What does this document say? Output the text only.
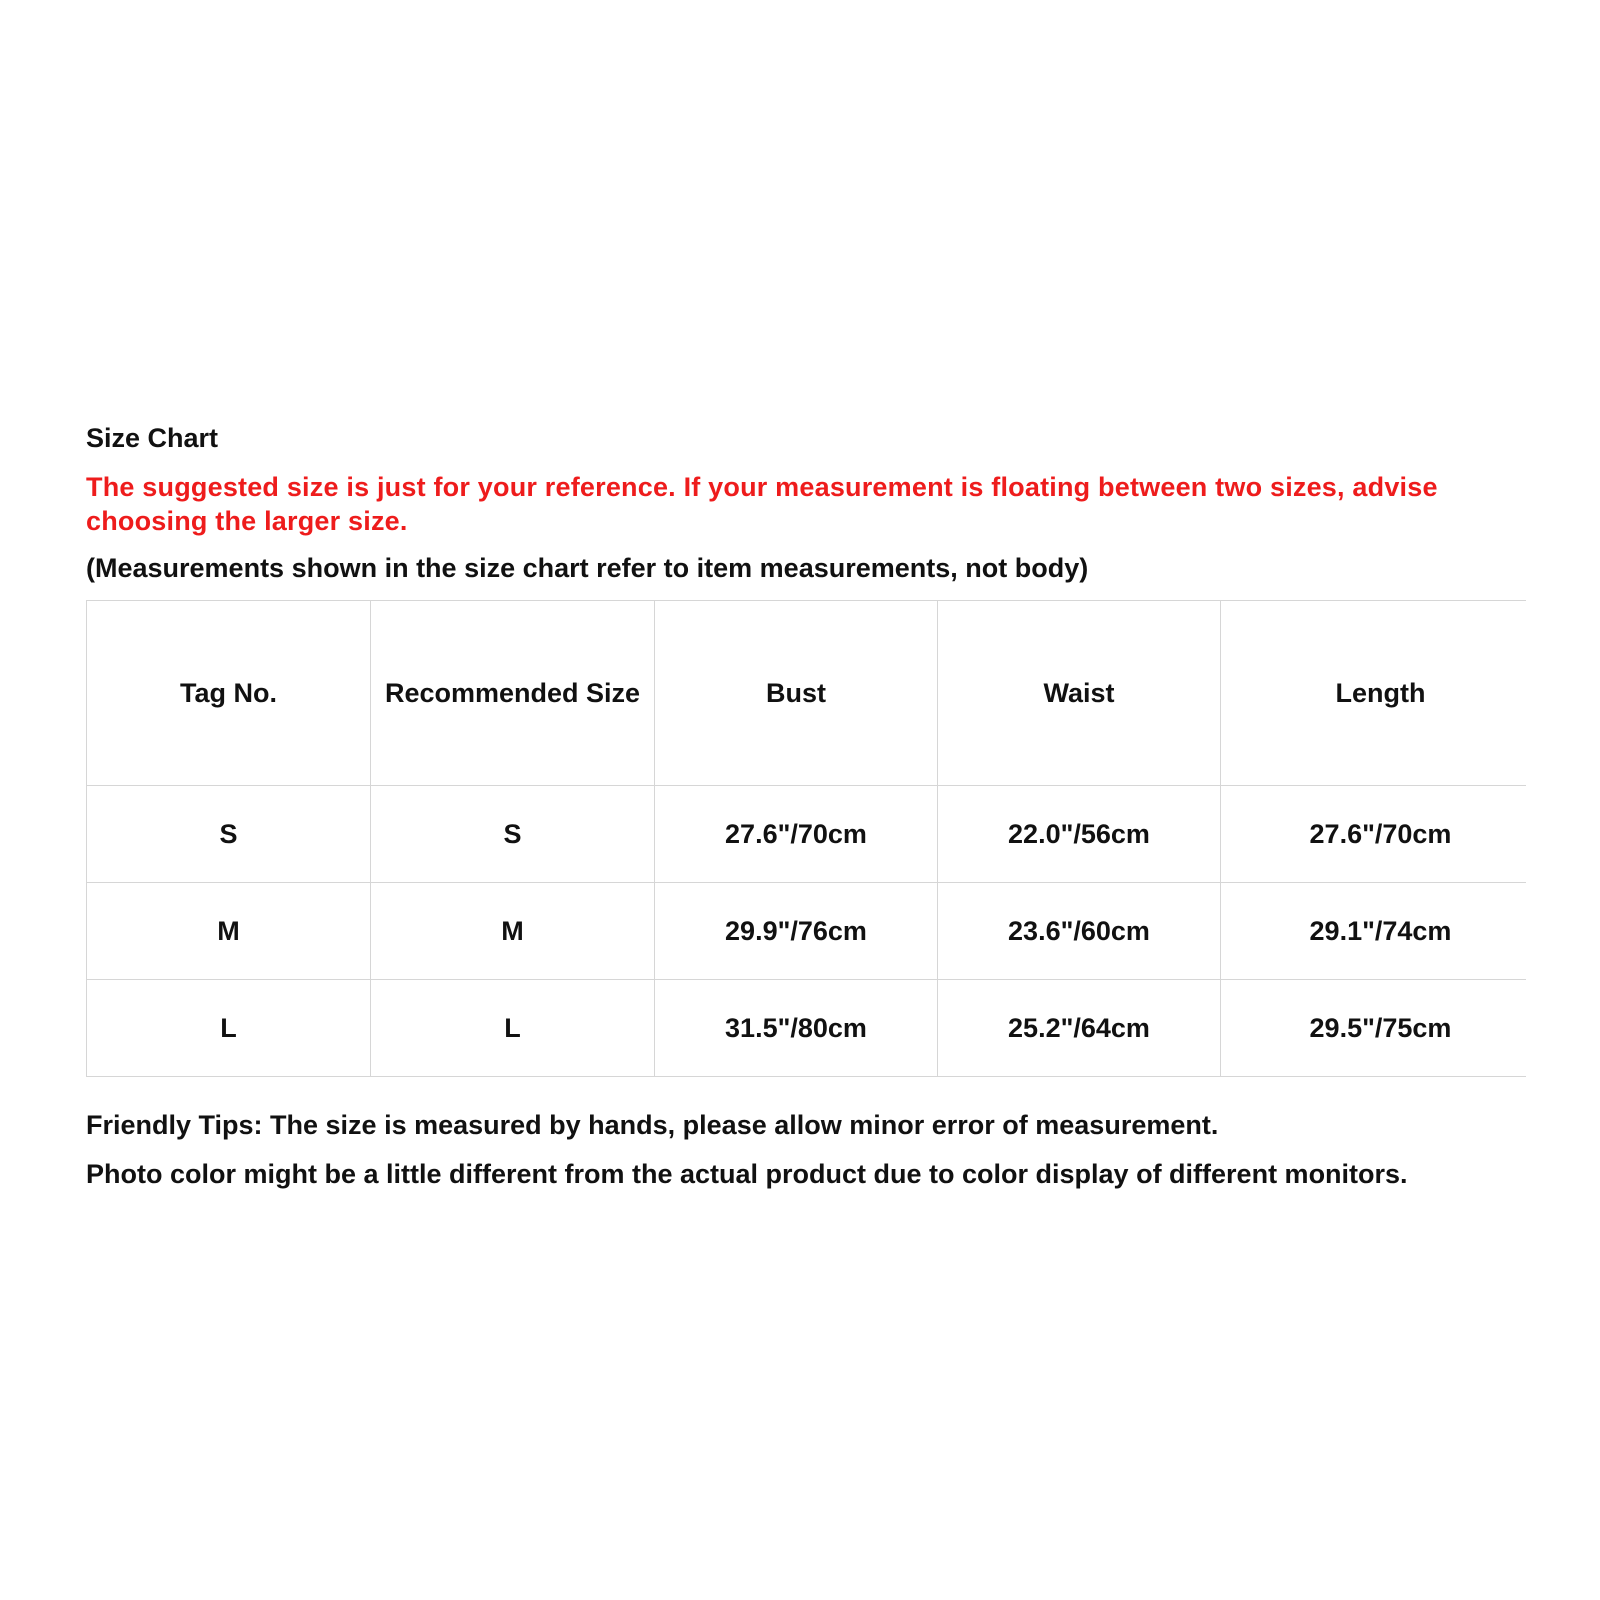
Size Chart
The suggested size is just for your reference. If your measurement is floating between two sizes, advise
choosing the larger size.
(Measurements shown in the size chart refer to item measurements, not body)
Tag No.	Recommended Size	Bust	Waist	Length
S	S	27.6"/70cm	22.0"/56cm	27.6"/70cm
M	M	29.9"/76cm	23.6"/60cm	29.1"/74cm
L	L	31.5"/80cm	25.2"/64cm	29.5"/75cm
Friendly Tips: The size is measured by hands, please allow minor error of measurement.
Photo color might be a little different from the actual product due to color display of different monitors.
